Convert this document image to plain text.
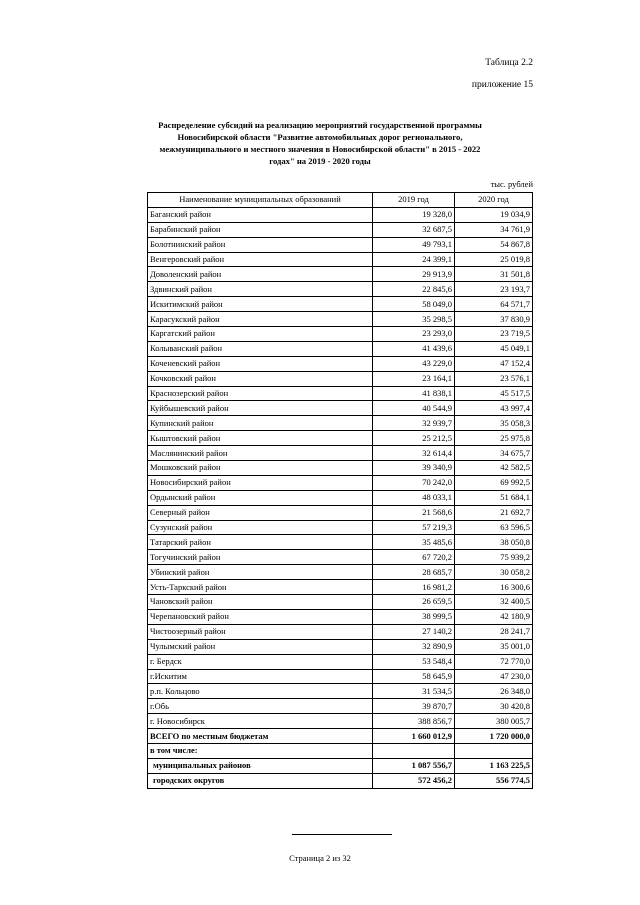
Таблица 2.2
приложение 15
Распределение субсидий на реализацию мероприятий государственной программы
Новосибирской области "Развитие автомобильных дорог регионального,
межмуниципального и местного значения в Новосибирской области" в 2015 - 2022
годах" на 2019 - 2020 годы
тыс. рублей
Наименование муниципальных образований	2019 год	2020 год
Баганский район	19 328,0	19 034,9
Барабинский район	32 687,5	34 761,9
Болотнинский район	49 793,1	54 867,8
Венгеровский район	24 399,1	25 019,8
Доволенский район	29 913,9	31 501,8
Здвинский район	22 845,6	23 193,7
Искитимский район	58 049,0	64 571,7
Карасукский район	35 298,5	37 830,9
Каргатский район	23 293,0	23 719,5
Колыванский район	41 439,6	45 049,1
Коченевский район	43 229,0	47 152,4
Кочковский район	23 164,1	23 576,1
Краснозерский район	41 838,1	45 517,5
Куйбышевский район	40 544,9	43 997,4
Купинский район	32 939,7	35 058,3
Кыштовский район	25 212,5	25 975,8
Маслянинский район	32 614,4	34 675,7
Мошковский район	39 340,9	42 582,5
Новосибирский район	70 242,0	69 992,5
Ордынский район	48 033,1	51 684,1
Северный район	21 568,6	21 692,7
Сузунский район	57 219,3	63 596,5
Татарский район	35 485,6	38 050,8
Тогучинский район	67 720,2	75 939,2
Убинский район	28 685,7	30 058,2
Усть-Таркский район	16 981,2	16 300,6
Чановский район	26 659,5	32 400,5
Черепановский район	38 999,5	42 180,9
Чистоозерный район	27 140,2	28 241,7
Чулымский район	32 890,9	35 001,0
г. Бердск	53 548,4	72 770,0
г.Искитим	58 645,9	47 230,0
р.п. Кольцово	31 534,5	26 348,0
г.Обь	39 870,7	30 420,8
г. Новосибирск	388 856,7	380 005,7
ВСЕГО по местным бюджетам	1 660 012,9	1 720 000,0
в том числе:		
муниципальных районов	1 087 556,7	1 163 225,5
городских округов	572 456,2	556 774,5
Страница 2 из 32
